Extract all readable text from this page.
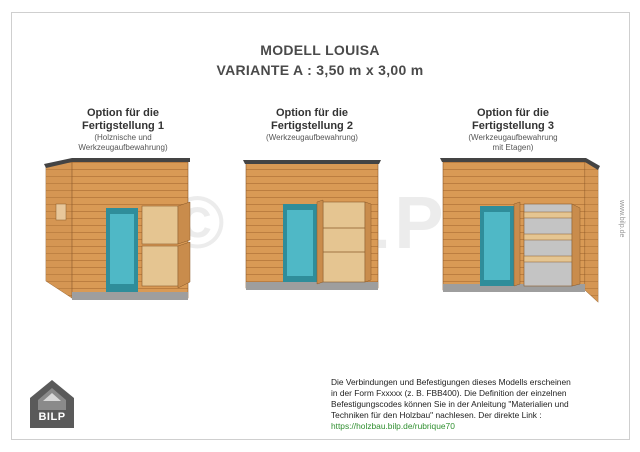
©	www.bilp.de
MODELL LOUISA
VARIANTE A : 3,50 m x 3,00 m
Option für die
Fertigstellung 1
(Holznische und
Werkzeugaufbewahrung)
Option für die
Fertigstellung 2
(Werkzeugaufbewahrung)
Option für die
Fertigstellung 3
(Werkzeugaufbewahrung
mit Etagen)
BILP
Die Verbindungen und Befestigungen dieses Modells erscheinen
in der Form Fxxxxx (z. B. FBB400). Die Definition der einzelnen
Befestigungscodes können Sie in der Anleitung "Materialien und
Techniken für den Holzbau" nachlesen. Der direkte Link :
https://holzbau.bilp.de/rubrique70
